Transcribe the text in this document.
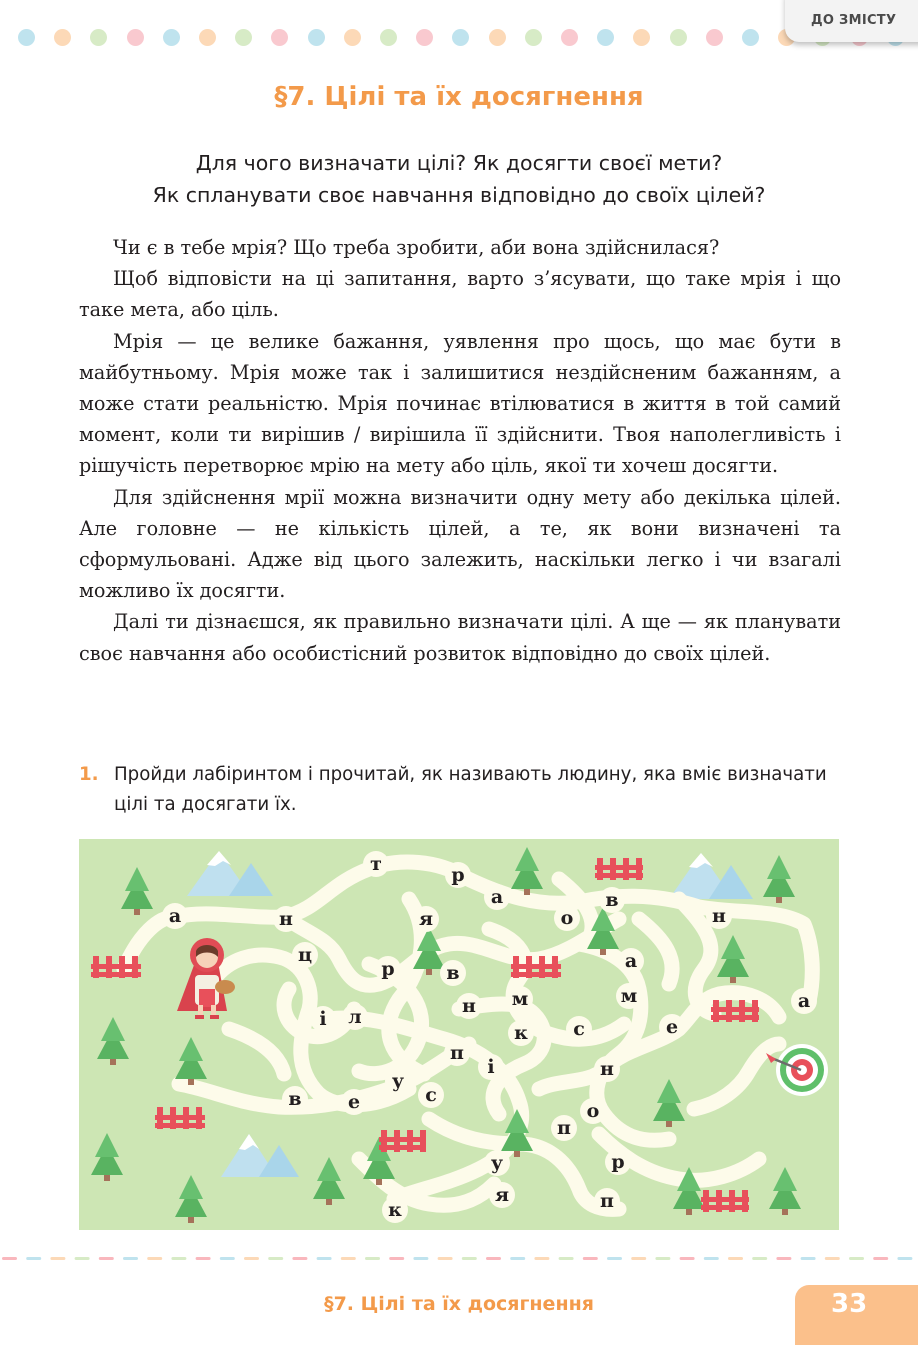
ДО ЗМІСТУ
§7. Цілі та їх досягнення
Для чого визначати цілі? Як досягти своєї мети?
Як спланувати своє навчання відповідно до своїх цілей?

Чи є в тебе мрія? Що треба зробити, аби вона здійснилася?

Щоб відповісти на ці запитання, варто з’ясувати, що таке мрія і що таке мета, або ціль.

Мрія — це велике бажання, уявлення про щось, що має бути в майбутньому. Мрія може так і залишитися нездійсненим бажанням, а може стати реальністю. Мрія починає втілюватися в життя в той самий момент, коли ти вирішив / вирішила її здійснити. Твоя наполегливість і рішучість перетворює мрію на мету або ціль, якої ти хочеш досягти.

Для здійснення мрії можна визначити одну мету або декілька цілей. Але головне — не кількість цілей, а те, як вони визначені та сформульовані. Адже від цього залежить, наскільки легко і чи взагалі можливо їх досягти.

Далі ти дізнаєшся, як правильно визначати цілі. А ще — як планувати своє навчання або особистісний розвиток відповідно до своїх цілей.

1. Пройди лабіринтом і прочитай, як називають людину, яка вміє визначати цілі та досягати їх.
т	р
а	в
н
а	н
я	о
ц
р	в
а
м	м	а
н
і л
к с	е
п
і	н
у
с
в е	о
п
р
у
я	п
к
§7. Цілі та їх досягнення	33
